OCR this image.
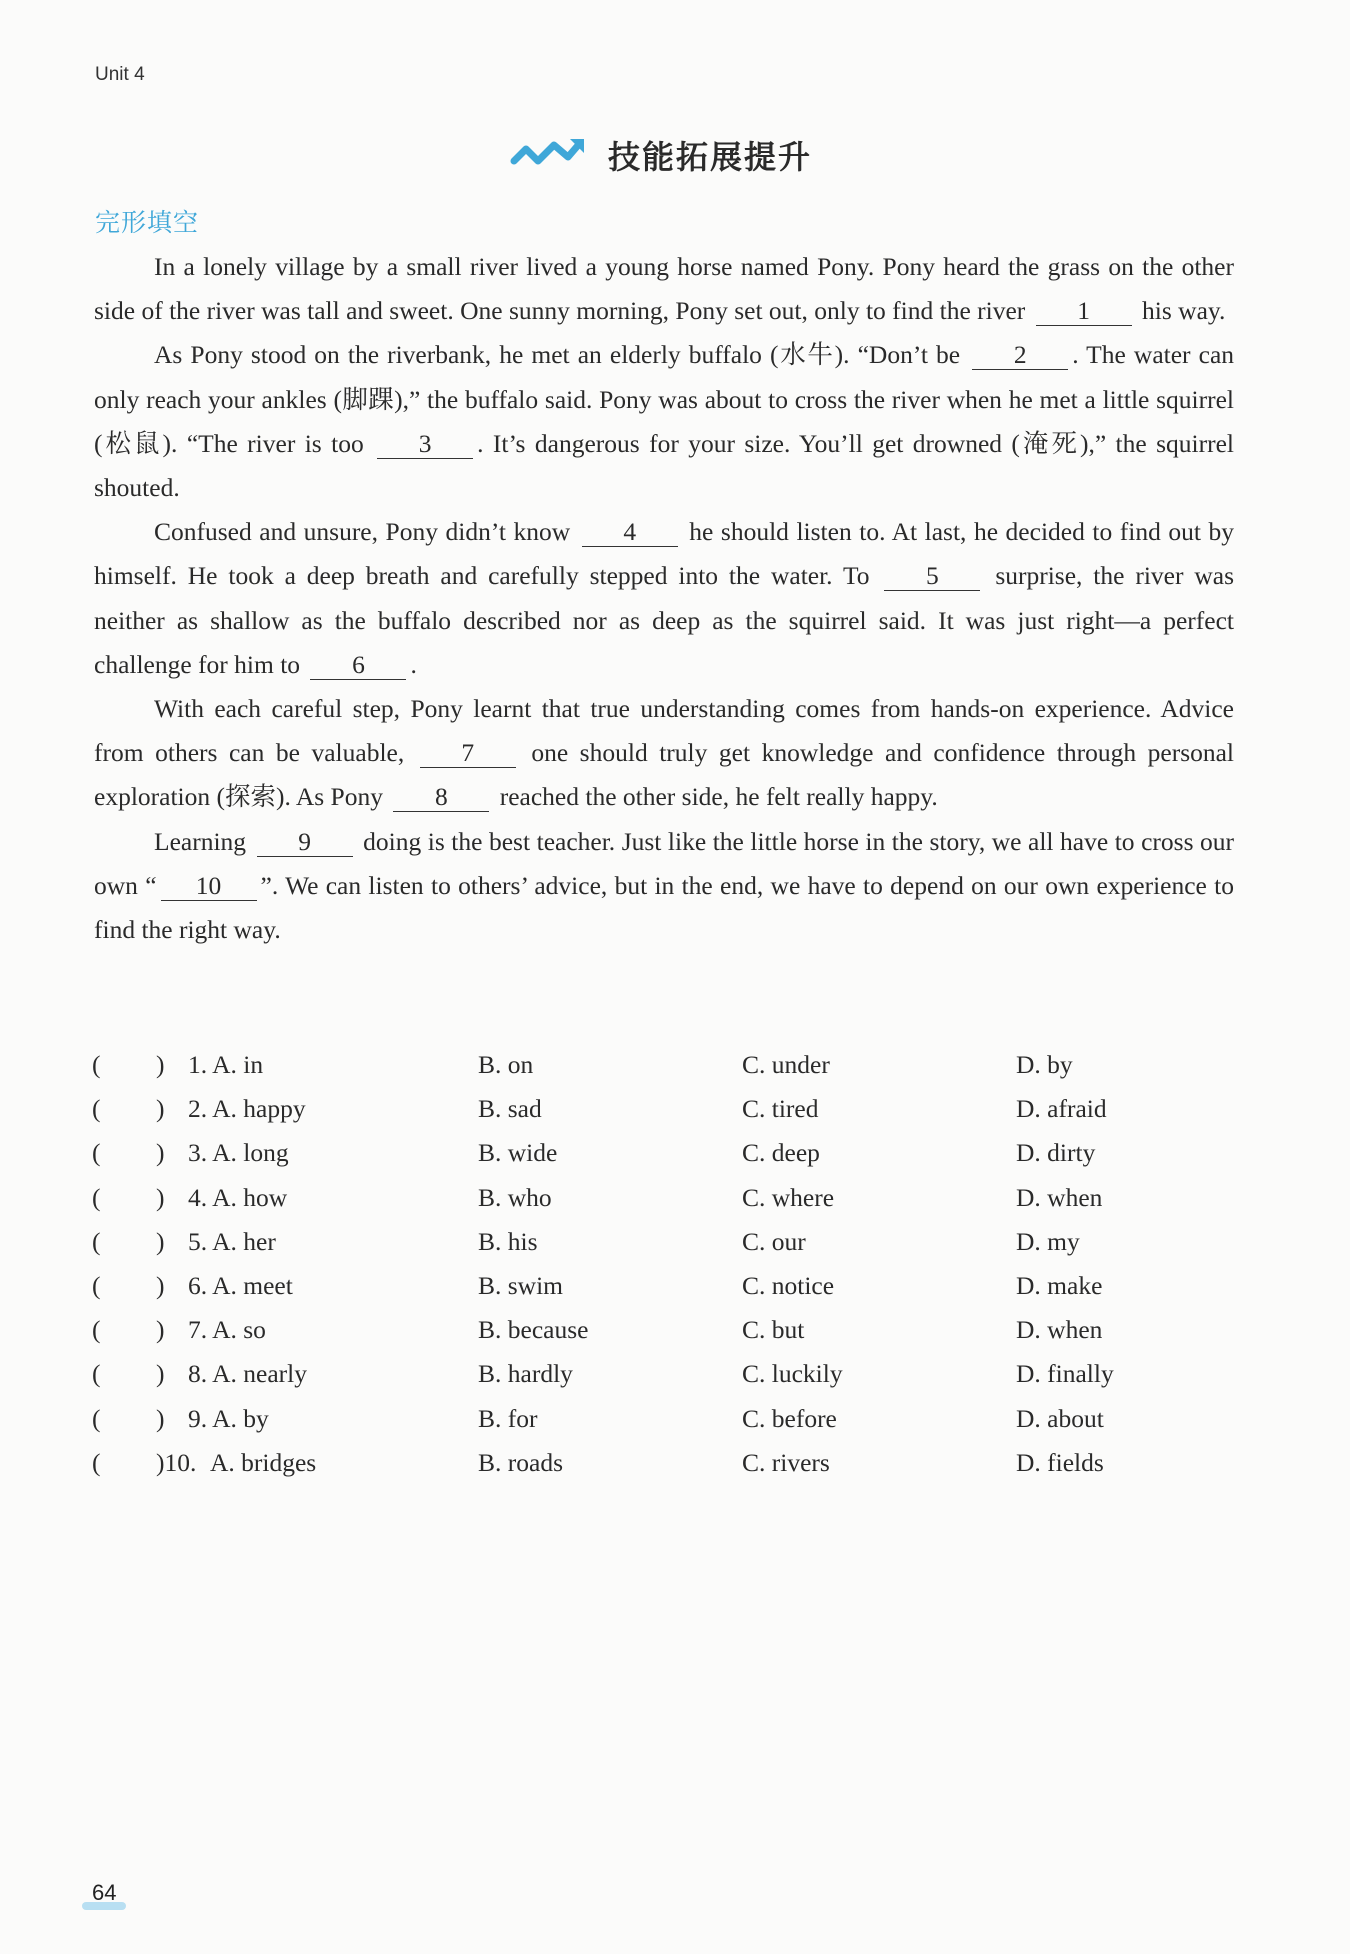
Unit 4
技能拓展提升
完形填空

In a lonely village by a small river lived a young horse named Pony. Pony heard the grass on the other side of the river was tall and sweet. One sunny morning, Pony set out, only to find the river 1 his way.

As Pony stood on the riverbank, he met an elderly buffalo (水牛). “Don’t be 2 . The water can only reach your ankles (脚踝),” the buffalo said. Pony was about to cross the river when he met a little squirrel (松鼠). “The river is too 3 . It’s dangerous for your size. You’ll get drowned (淹死),” the squirrel shouted.

Confused and unsure, Pony didn’t know 4 he should listen to. At last, he decided to find out by himself. He took a deep breath and carefully stepped into the water. To 5 surprise, the river was neither as shallow as the buffalo described nor as deep as the squirrel said. It was just right—a perfect challenge for him to 6 .

With each careful step, Pony learnt that true understanding comes from hands-on experience. Advice from others can be valuable, 7 one should truly get knowledge and confidence through personal exploration (探索). As Pony 8 reached the other side, he felt really happy.

Learning 9 doing is the best teacher. Just like the little horse in the story, we all have to cross our own “ 10 ”. We can listen to others’ advice, but in the end, we have to depend on our own experience to find the right way.

( ) 1. A. in	B. on	C. under	D. by
( ) 2. A. happy	B. sad	C. tired	D. afraid
( ) 3. A. long	B. wide	C. deep	D. dirty
( ) 4. A. how	B. who	C. where	D. when
( ) 5. A. her	B. his	C. our	D. my
( ) 6. A. meet	B. swim	C. notice	D. make
( ) 7. A. so	B. because	C. but	D. when
( ) 8. A. nearly	B. hardly	C. luckily	D. finally
( ) 9. A. by	B. for	C. before	D. about
( )10. A. bridges	B. roads	C. rivers	D. fields
64
